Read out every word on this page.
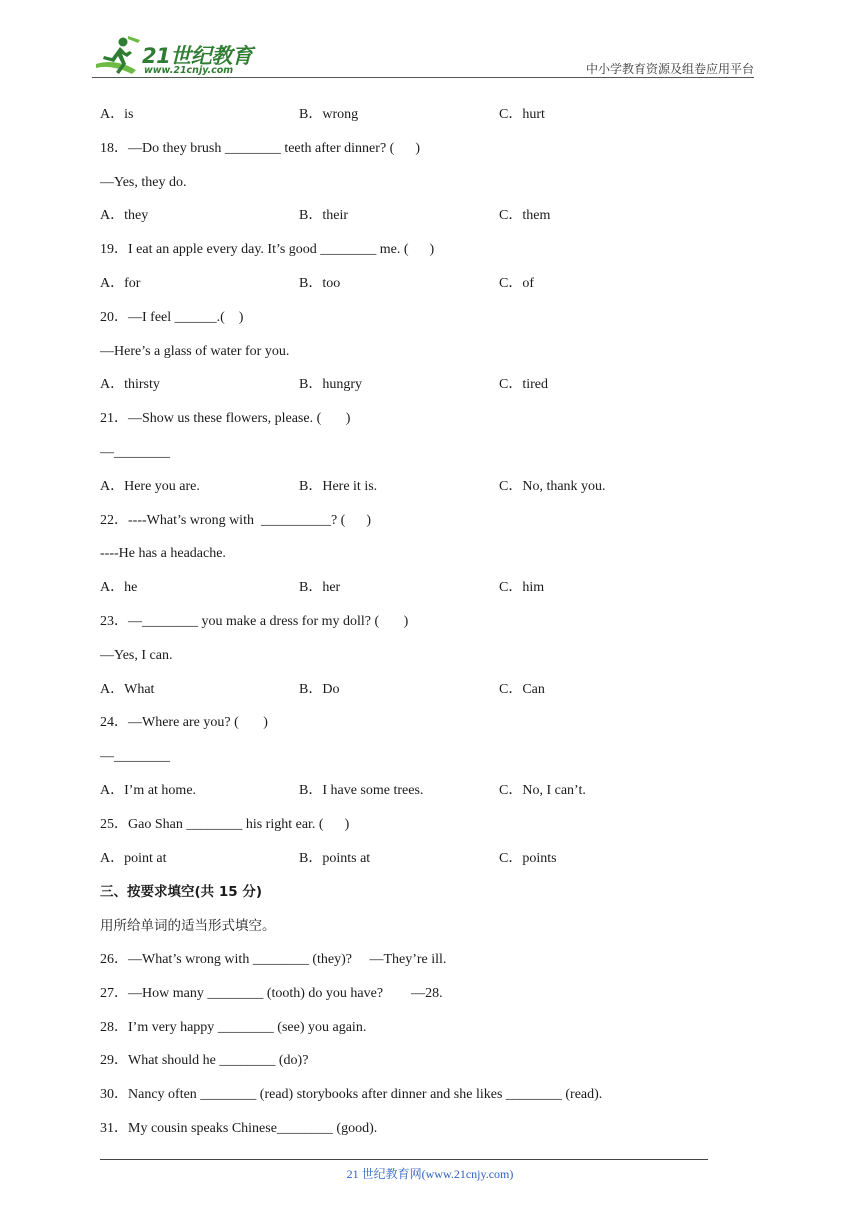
21世纪教育
www.21cnjy.com	中小学教育资源及组卷应用平台
A．is	B．wrong	C．hurt
18．—Do they brush ________ teeth after dinner? (      )
—Yes, they do.
A．they	B．their	C．them
19．I eat an apple every day. It’s good ________ me. (      )
A．for	B．too	C．of
20．—I feel ______.(    )
—Here’s a glass of water for you.
A．thirsty	B．hungry	C．tired
21．—Show us these flowers, please. (       )
—________
A．Here you are.	B．Here it is.	C．No, thank you.
22．----What’s wrong with  __________? (      )
----He has a headache.
A．he	B．her	C．him
23．—________ you make a dress for my doll? (       )
—Yes, I can.
A．What	B．Do	C．Can
24．—Where are you? (       )
—________
A．I’m at home.	B．I have some trees.	C．No, I can’t.
25．Gao Shan ________ his right ear. (      )
A．point at	B．points at	C．points
三、按要求填空(共 15 分)
用所给单词的适当形式填空。
26．—What’s wrong with ________ (they)?     —They’re ill.
27．—How many ________ (tooth) do you have?        —28.
28．I’m very happy ________ (see) you again.
29．What should he ________ (do)?
30．Nancy often ________ (read) storybooks after dinner and she likes ________ (read).
31．My cousin speaks Chinese________ (good).
21 世纪教育网(www.21cnjy.com)
